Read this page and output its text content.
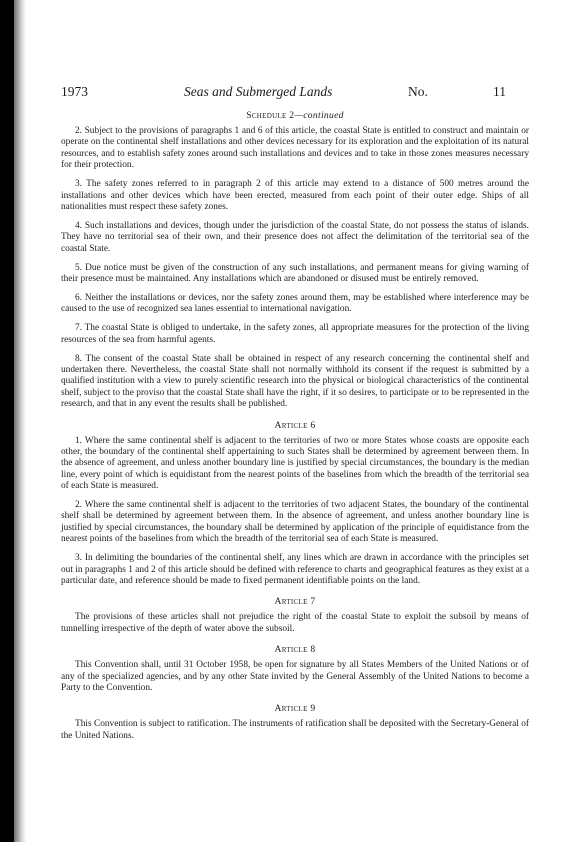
1973	Seas and Submerged Lands	No.	11
Schedule 2—continued

2. Subject to the provisions of paragraphs 1 and 6 of this article, the coastal State is entitled to construct and maintain or operate on the continental shelf installations and other devices necessary for its exploration and the exploitation of its natural resources, and to establish safety zones around such installations and devices and to take in those zones measures necessary for their protection.

3. The safety zones referred to in paragraph 2 of this article may extend to a distance of 500 metres around the installations and other devices which have been erected, measured from each point of their outer edge. Ships of all nationalities must respect these safety zones.

4. Such installations and devices, though under the jurisdiction of the coastal State, do not possess the status of islands. They have no territorial sea of their own, and their presence does not affect the delimitation of the territorial sea of the coastal State.

5. Due notice must be given of the construction of any such installations, and permanent means for giving warning of their presence must be maintained. Any installations which are abandoned or disused must be entirely removed.

6. Neither the installations or devices, nor the safety zones around them, may be established where interference may be caused to the use of recognized sea lanes essential to international navigation.

7. The coastal State is obliged to undertake, in the safety zones, all appropriate measures for the protection of the living resources of the sea from harmful agents.

8. The consent of the coastal State shall be obtained in respect of any research concerning the continental shelf and undertaken there. Nevertheless, the coastal State shall not normally withhold its consent if the request is submitted by a qualified institution with a view to purely scientific research into the physical or biological characteristics of the continental shelf, subject to the proviso that the coastal State shall have the right, if it so desires, to participate or to be represented in the research, and that in any event the results shall be published.

Article 6

1. Where the same continental shelf is adjacent to the territories of two or more States whose coasts are opposite each other, the boundary of the continental shelf appertaining to such States shall be determined by agreement between them. In the absence of agreement, and unless another boundary line is justified by special circumstances, the boundary is the median line, every point of which is equidistant from the nearest points of the baselines from which the breadth of the territorial sea of each State is measured.

2. Where the same continental shelf is adjacent to the territories of two adjacent States, the boundary of the continental shelf shall be determined by agreement between them. In the absence of agreement, and unless another boundary line is justified by special circumstances, the boundary shall be determined by application of the principle of equidistance from the nearest points of the baselines from which the breadth of the territorial sea of each State is measured.

3. In delimiting the boundaries of the continental shelf, any lines which are drawn in accordance with the principles set out in paragraphs 1 and 2 of this article should be defined with reference to charts and geographical features as they exist at a particular date, and reference should be made to fixed permanent identifiable points on the land.

Article 7

The provisions of these articles shall not prejudice the right of the coastal State to exploit the subsoil by means of tunnelling irrespective of the depth of water above the subsoil.

Article 8

This Convention shall, until 31 October 1958, be open for signature by all States Members of the United Nations or of any of the specialized agencies, and by any other State invited by the General Assembly of the United Nations to become a Party to the Convention.

Article 9

This Convention is subject to ratification. The instruments of ratification shall be deposited with the Secretary-General of the United Nations.
